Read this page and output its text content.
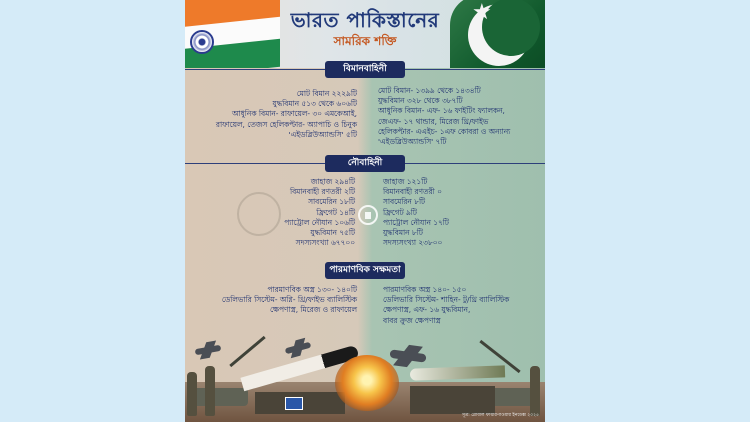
★
ভারত পাকিস্তানের
সামরিক শক্তি
বিমানবাহিনী
মোট বিমান ২২২৯টি
যুদ্ধবিমান ৫১৩ থেকে ৬০৬টি
আধুনিক বিমান- রাফায়েল- ৩০ এমকেআই,
রাফায়েল, তেজস হেলিকপ্টার- অ্যাপাচি ও চিনুক
'এইডব্লিউঅ্যান্ডসি' ৫টি
মোট বিমান- ১৩৯৯ থেকে ১৪৩৪টি
যুদ্ধবিমান ৩২৮ থেকে ৩৮৭টি
আধুনিক বিমান- এফ- ১৬ ফাইটিং ফ্যালকন,
জেএফ- ১৭ থান্ডার, মিরেজ থ্রি/ফাইভ
হেলিকপ্টার- এএইচ- ১এফ কোবরা ও অন্যান্য
'এইডব্লিউঅ্যান্ডসি' ৭টি
নৌবাহিনী
জাহাজ ২৯৪টি
বিমানবাহী রণতরী ২টি
সাবমেরিন ১৮টি
ফ্রিগেট ১৪টি
প্যাট্রোল নৌযান ১০৬টি
যুদ্ধবিমান ৭৫টি
সদস্যসংখ্যা ৬৭৭০০
জাহাজ ১২১টি
বিমানবাহী রণতরী ০
সাবমেরিন ৮টি
ফ্রিগেট ৯টি
প্যাট্রোল নৌযান ১৭টি
যুদ্ধবিমান ৮টি
সদস্যসংখ্যা ২৩৮০০
পারমাণবিক সক্ষমতা
পারমাণবিক অস্ত্র ১৩০- ১৪০টি
ডেলিভারি সিস্টেম- অগ্নি- থ্রি/ফাইভ ব্যালিস্টিক
ক্ষেপণাস্ত্র, মিরেজ ও রাফায়েল
পারমাণবিক অস্ত্র ১৪০- ১৫০
ডেলিভারি সিস্টেম- শাহিন- টু/থ্রি ব্যালিস্টিক
ক্ষেপণাস্ত্র, এফ- ১৬ যুদ্ধবিমান,
বাবর ক্রুজ ক্ষেপণাস্ত্র
সূত্র: গ্লোবাল ফায়ারপাওয়ার ইনডেক্স ২০২৫
